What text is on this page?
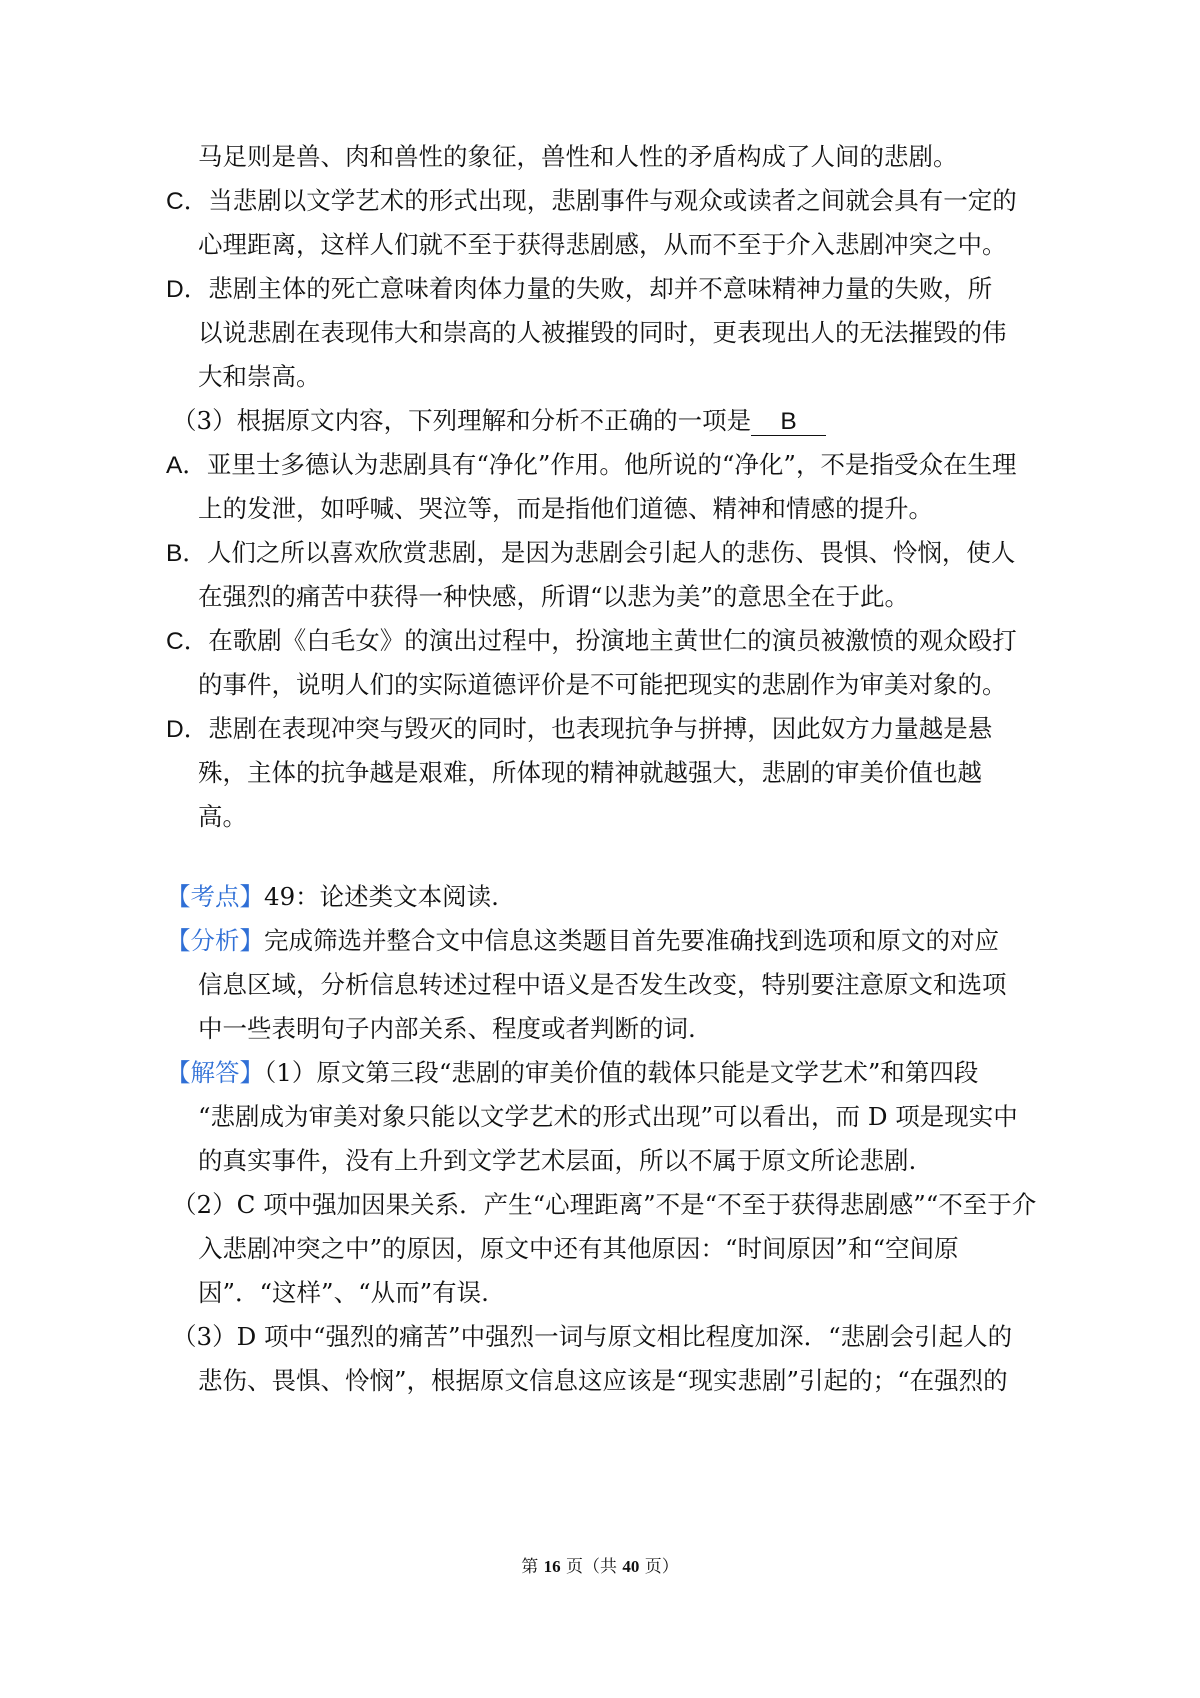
马足则是兽、肉和兽性的象征，兽性和人性的矛盾构成了人间的悲剧。
C．当悲剧以文学艺术的形式出现，悲剧事件与观众或读者之间就会具有一定的
心理距离，这样人们就不至于获得悲剧感，从而不至于介入悲剧冲突之中。
D．悲剧主体的死亡意味着肉体力量的失败，却并不意味精神力量的失败，所
以说悲剧在表现伟大和崇高的人被摧毁的同时，更表现出人的无法摧毁的伟
大和崇高。
（3）根据原文内容，下列理解和分析不正确的一项是 B
A．亚里士多德认为悲剧具有“净化”作用。他所说的“净化”，不是指受众在生理
上的发泄，如呼喊、哭泣等，而是指他们道德、精神和情感的提升。
B．人们之所以喜欢欣赏悲剧，是因为悲剧会引起人的悲伤、畏惧、怜悯，使人
在强烈的痛苦中获得一种快感，所谓“以悲为美”的意思全在于此。
C．在歌剧《白毛女》的演出过程中，扮演地主黄世仁的演员被激愤的观众殴打
的事件，说明人们的实际道德评价是不可能把现实的悲剧作为审美对象的。
D．悲剧在表现冲突与毁灭的同时，也表现抗争与拼搏，因此奴方力量越是悬
殊，主体的抗争越是艰难，所体现的精神就越强大，悲剧的审美价值也越
高。
【考点】49：论述类文本阅读.
【分析】完成筛选并整合文中信息这类题目首先要准确找到选项和原文的对应
信息区域，分析信息转述过程中语义是否发生改变，特别要注意原文和选项
中一些表明句子内部关系、程度或者判断的词.
【解答】（1）原文第三段“悲剧的审美价值的载体只能是文学艺术”和第四段
“悲剧成为审美对象只能以文学艺术的形式出现”可以看出，而 D 项是现实中
的真实事件，没有上升到文学艺术层面，所以不属于原文所论悲剧.
（2）C 项中强加因果关系．产生“心理距离”不是“不至于获得悲剧感”“不至于介
入悲剧冲突之中”的原因，原文中还有其他原因：“时间原因”和“空间原
因”．“这样”、“从而”有误.
（3）D 项中“强烈的痛苦”中强烈一词与原文相比程度加深．“悲剧会引起人的
悲伤、畏惧、怜悯”，根据原文信息这应该是“现实悲剧”引起的；“在强烈的
第 16 页（共 40 页）
